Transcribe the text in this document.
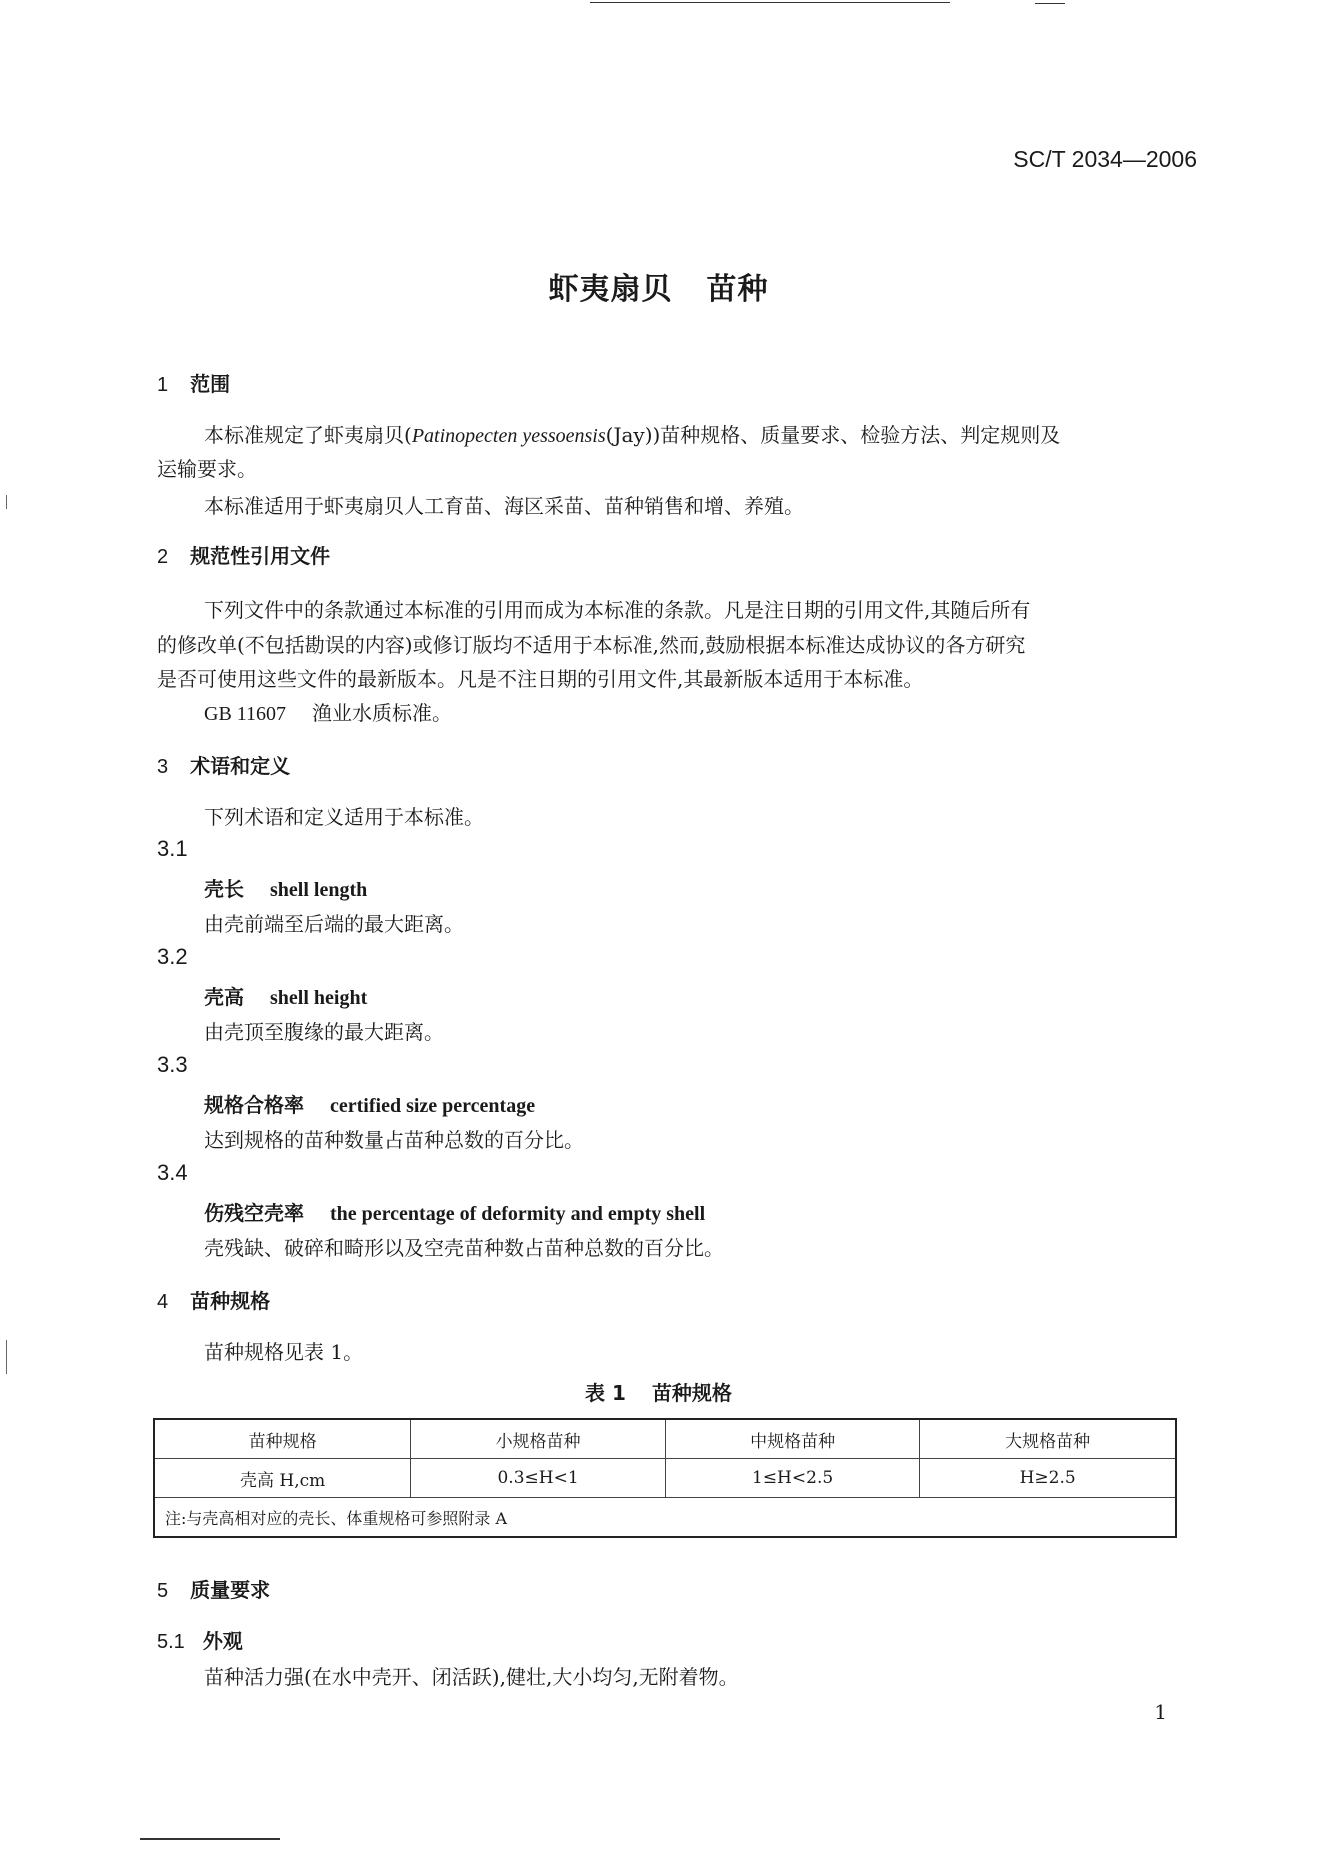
SC/T 2034—2006
虾夷扇贝 苗种
1 范围
本标准规定了虾夷扇贝(Patinopecten yessoensis(Jay))苗种规格、质量要求、检验方法、判定规则及
运输要求。
本标准适用于虾夷扇贝人工育苗、海区采苗、苗种销售和增、养殖。
2 规范性引用文件
下列文件中的条款通过本标准的引用而成为本标准的条款。凡是注日期的引用文件,其随后所有
的修改单(不包括勘误的内容)或修订版均不适用于本标准,然而,鼓励根据本标准达成协议的各方研究
是否可使用这些文件的最新版本。凡是不注日期的引用文件,其最新版本适用于本标准。
GB 11607 渔业水质标准。
3 术语和定义
下列术语和定义适用于本标准。
3.1
壳长 shell length
由壳前端至后端的最大距离。
3.2
壳高 shell height
由壳顶至腹缘的最大距离。
3.3
规格合格率 certified size percentage
达到规格的苗种数量占苗种总数的百分比。
3.4
伤残空壳率 the percentage of deformity and empty shell
壳残缺、破碎和畸形以及空壳苗种数占苗种总数的百分比。
4 苗种规格
苗种规格见表 1。
表 1 苗种规格
苗种规格	小规格苗种	中规格苗种	大规格苗种
壳高 H,cm	0.3≤H<1	1≤H<2.5	H≥2.5
注:与壳高相对应的壳长、体重规格可参照附录 A			
5 质量要求
5.1 外观
苗种活力强(在水中壳开、闭活跃),健壮,大小均匀,无附着物。
1
